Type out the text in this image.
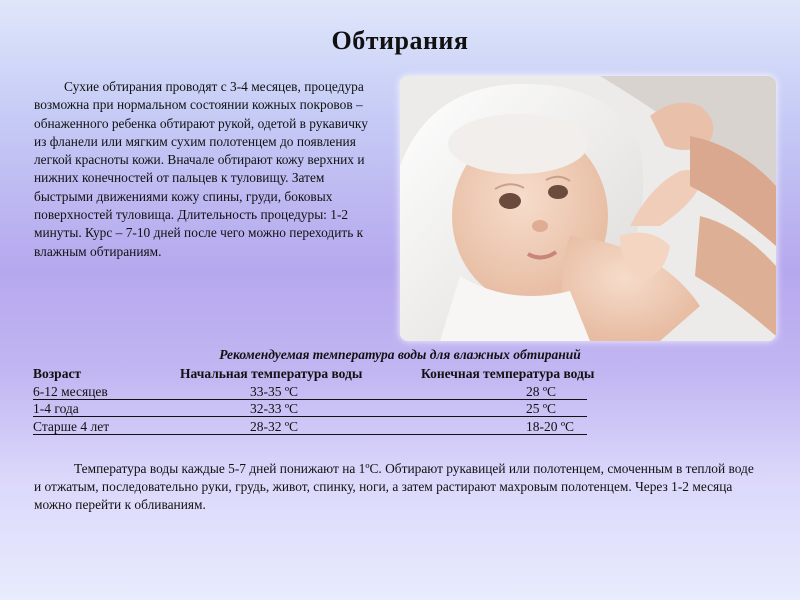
Обтирания

Сухие обтирания проводят с 3-4 месяцев, процедура возможна при нормальном состоянии кожных покровов – обнаженного ребенка обтирают рукой, одетой в рукавичку из фланели или мягким сухим полотенцем до появления легкой красноты кожи. Вначале обтирают кожу верхних и нижних конечностей от пальцев к туловищу. Затем быстрыми движениями кожу спины, груди, боковых поверхностей туловища. Длительность процедуры: 1-2 минуты. Курс – 7-10 дней после чего можно переходить к влажным обтираниям.

Рекомендуемая температура воды для влажных обтираний
Возраст	Начальная температура воды	Конечная температура воды
6-12 месяцев	33-35 ºС	28 ºС
1-4 года	32-33 ºС	25 ºС
Старше 4 лет	28-32 ºС	18-20 ºС

Температура воды каждые 5-7 дней понижают на 1ºС. Обтирают рукавицей или полотенцем, смоченным в теплой воде и отжатым, последовательно руки, грудь, живот, спинку, ноги, а затем растирают махровым полотенцем. Через 1-2 месяца можно перейти к обливаниям.
